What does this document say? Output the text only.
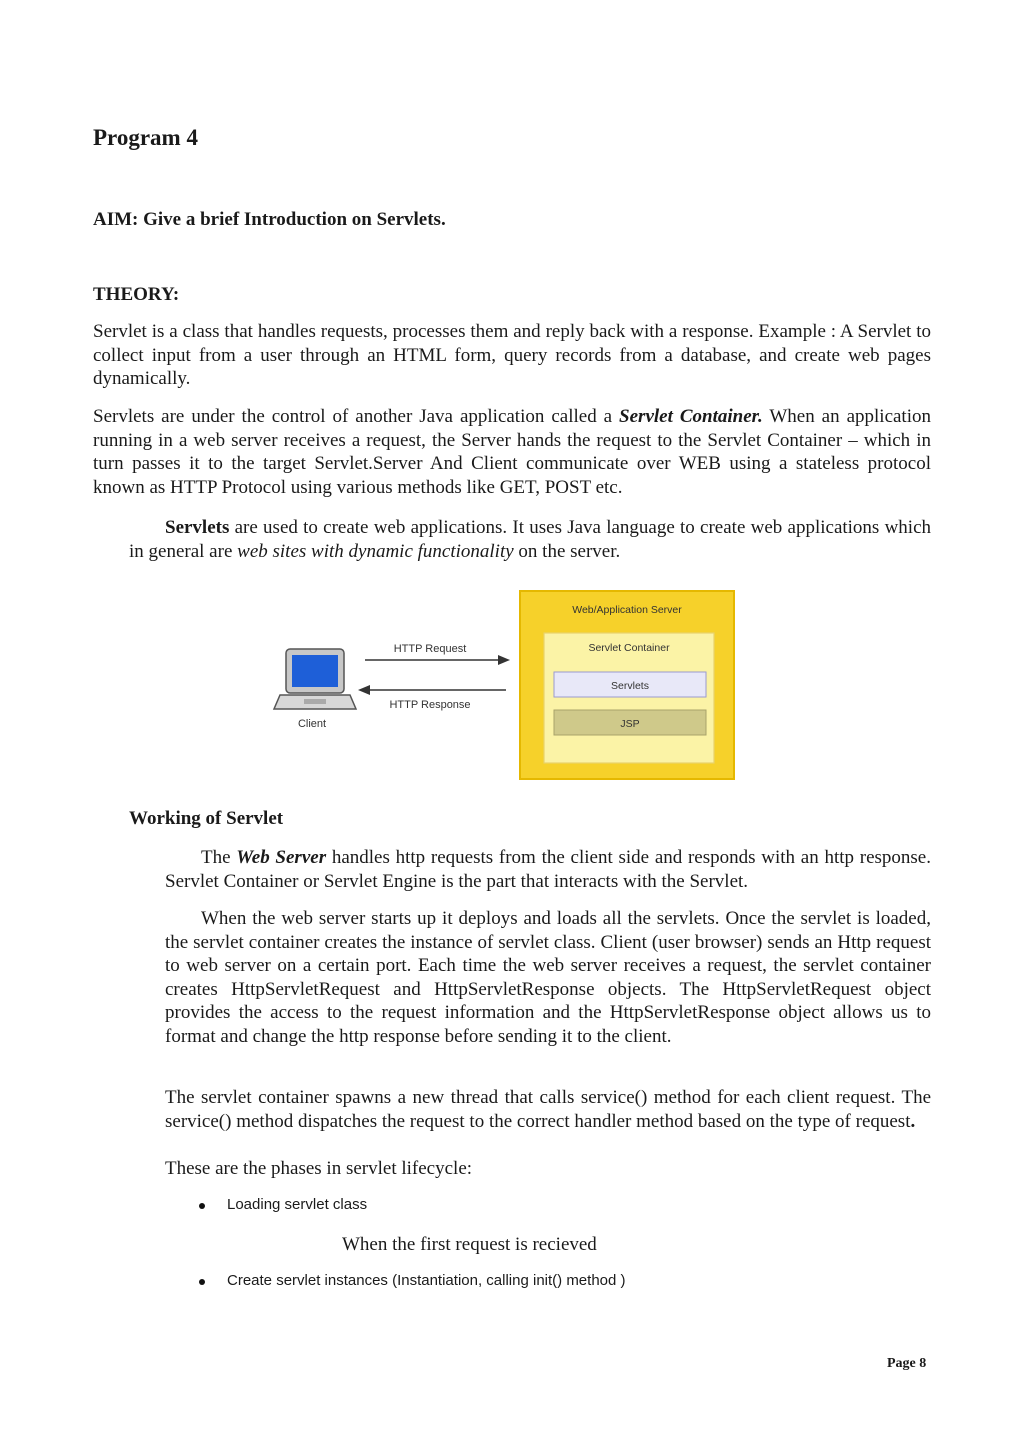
Program 4
AIM: Give a brief Introduction on Servlets.
THEORY:

Servlet is a class that handles requests, processes them and reply back with a response. Example : A Servlet to collect input from a user through an HTML form, query records from a database, and create web pages dynamically.

Servlets are under the control of another Java application called a Servlet Container. When an application running in a web server receives a request, the Server hands the request to the Servlet Container – which in turn passes it to the target Servlet.Server And Client communicate over WEB using a stateless protocol known as HTTP Protocol using various methods like GET, POST etc.

Servlets are used to create web applications. It uses Java language to create web applications which in general are web sites with dynamic functionality on the server.

Client
HTTP Request
HTTP Response
Web/Application Server
Servlet Container
Servlets
JSP
Working of Servlet

The Web Server handles http requests from the client side and responds with an http response. Servlet Container or Servlet Engine is the part that interacts with the Servlet.

When the web server starts up it deploys and loads all the servlets. Once the servlet is loaded, the servlet container creates the instance of servlet class. Client (user browser) sends an Http request to web server on a certain port. Each time the web server receives a request, the servlet container creates HttpServletRequest and HttpServletResponse objects. The HttpServletRequest object provides the access to the request information and the HttpServletResponse object allows us to format and change the http response before sending it to the client.

The servlet container spawns a new thread that calls service() method for each client request. The service() method dispatches the request to the correct handler method based on the type of request.

These are the phases in servlet lifecycle:
Loading servlet class
When the first request is recieved
Create servlet instances (Instantiation, calling init() method )
Page 8
